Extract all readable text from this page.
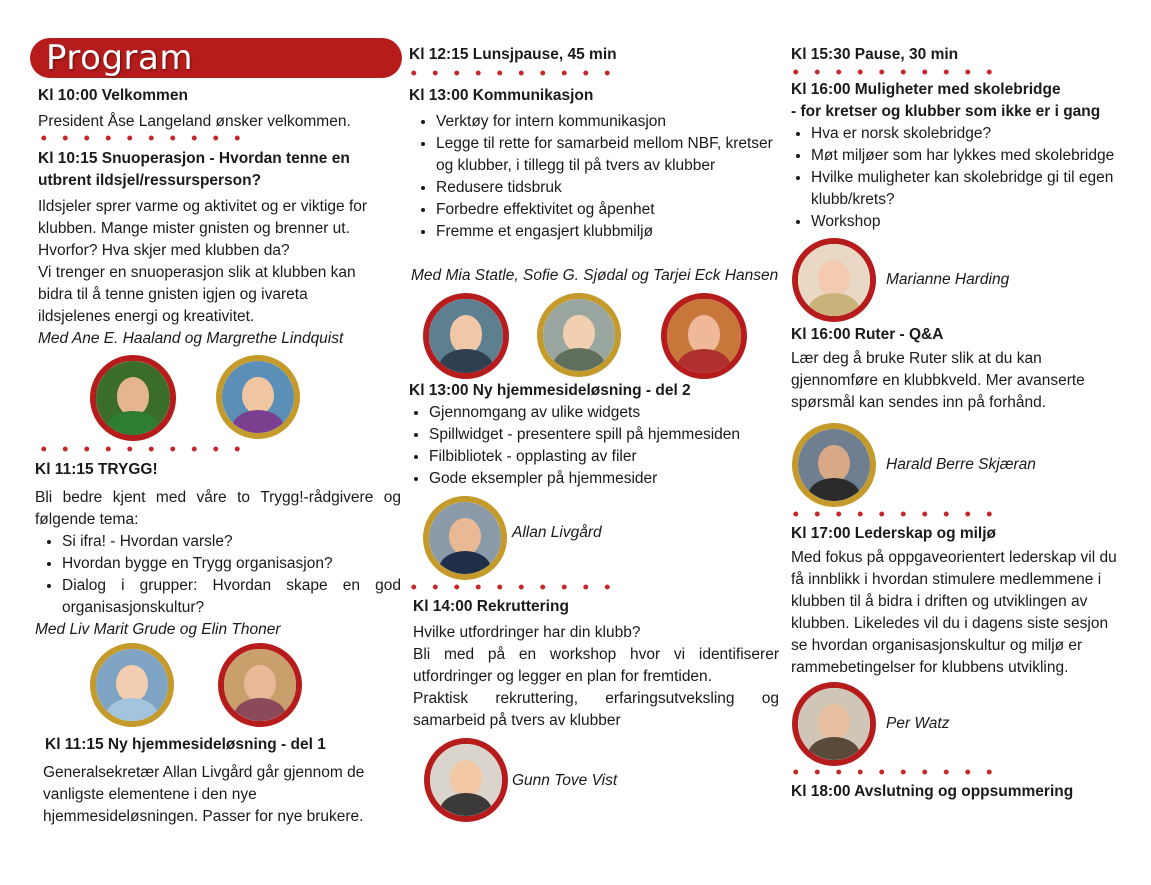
Program

Kl 10:00 Velkommen

President Åse Langeland ønsker velkommen.

Kl 10:15 Snuoperasjon - Hvordan tenne en

utbrent ildsjel/ressursperson?

Ildsjeler sprer varme og aktivitet og er viktige for

klubben. Mange mister gnisten og brenner ut.

Hvorfor? Hva skjer med klubben da?

Vi trenger en snuoperasjon slik at klubben kan

bidra til å tenne gnisten igjen og ivareta

ildsjelenes energi og kreativitet.

Med Ane E. Haaland og Margrethe Lindquist

Kl 11:15 TRYGG!

Bli bedre kjent med våre to Trygg!-rådgivere og følgende tema:

• Si ifra! - Hvordan varsle?
• Hvordan bygge en Trygg organisasjon?
• Dialog i grupper: Hvordan skape en god organisasjonskultur?

Med Liv Marit Grude og Elin Thoner

Kl 11:15 Ny hjemmesideløsning - del 1

Generalsekretær Allan Livgård går gjennom de

vanligste elementene i den nye

hjemmesideløsningen. Passer for nye brukere.

Kl 12:15 Lunsjpause, 45 min

Kl 13:00 Kommunikasjon

• Verktøy for intern kommunikasjon
• Legge til rette for samarbeid mellom NBF, kretser og klubber, i tillegg til på tvers av klubber
• Redusere tidsbruk
• Forbedre effektivitet og åpenhet
• Fremme et engasjert klubbmiljø

Med Mia Statle, Sofie G. Sjødal og Tarjei Eck Hansen

Kl 13:00 Ny hjemmesideløsning - del 2

• Gjennomgang av ulike widgets
• Spillwidget - presentere spill på hjemmesiden
• Filbibliotek - opplasting av filer
• Gode eksempler på hjemmesider
Allan Livgård

Kl 14:00 Rekruttering

Hvilke utfordringer har din klubb?

Bli med på en workshop hvor vi identifiserer utfordringer og legger en plan for fremtiden.

Praktisk rekruttering, erfaringsutveksling og samarbeid på tvers av klubber

Gunn Tove Vist

Kl 15:30 Pause, 30 min

Kl 16:00 Muligheter med skolebridge

- for kretser og klubber som ikke er i gang

• Hva er norsk skolebridge?
• Møt miljøer som har lykkes med skolebridge
• Hvilke muligheter kan skolebridge gi til egen klubb/krets?
• Workshop
Marianne Harding

Kl 16:00 Ruter - Q&A

Lær deg å bruke Ruter slik at du kan

gjennomføre en klubbkveld. Mer avanserte

spørsmål kan sendes inn på forhånd.

Harald Berre Skjæran

Kl 17:00 Lederskap og miljø

Med fokus på oppgaveorientert lederskap vil du

få innblikk i hvordan stimulere medlemmene i

klubben til å bidra i driften og utviklingen av

klubben. Likeledes vil du i dagens siste sesjon

se hvordan organisasjonskultur og miljø er

rammebetingelser for klubbens utvikling.

Per Watz

Kl 18:00 Avslutning og oppsummering
